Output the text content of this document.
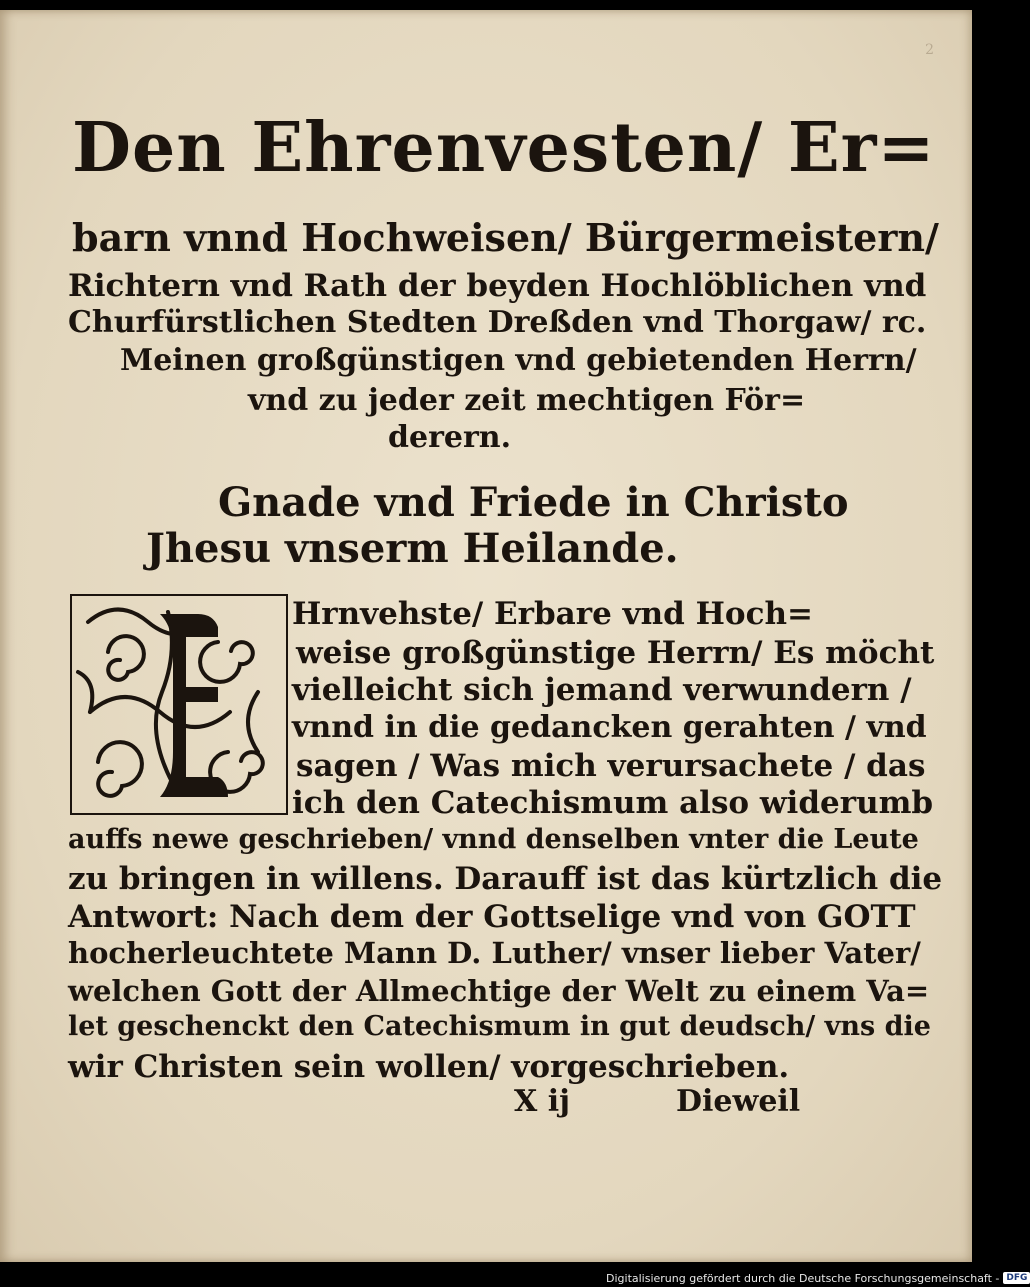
2
Den Ehrenvesten/ Er=
barn vnnd Hochweisen/ Bürgermeistern/
Richtern vnd Rath der beyden Hochlöblichen vnd
Churfürstlichen Stedten Dreßden vnd Thorgaw/ rc.
Meinen großgünstigen vnd gebietenden Herrn/
vnd zu jeder zeit mechtigen För=
derern.
Gnade vnd Friede in Christo
Jhesu vnserm Heilande.
Hrnvehste/ Erbare vnd Hoch=
weise großgünstige Herrn/ Es möcht
vielleicht sich jemand verwundern /
vnnd in die gedancken gerahten / vnd
sagen / Was mich verursachete / das
ich den Catechismum also widerumb
auffs newe geschrieben/ vnnd denselben vnter die Leute
zu bringen in willens. Darauff ist das kürtzlich die
Antwort: Nach dem der Gottselige vnd von GOTT
hocherleuchtete Mann D. Luther/ vnser lieber Vater/
welchen Gott der Allmechtige der Welt zu einem Va=
let geschenckt den Catechismum in gut deudsch/ vns die
wir Christen sein wollen/ vorgeschrieben.
X ij	Dieweil
Digitalisierung gefördert durch die Deutsche Forschungsgemeinschaft - DFG
